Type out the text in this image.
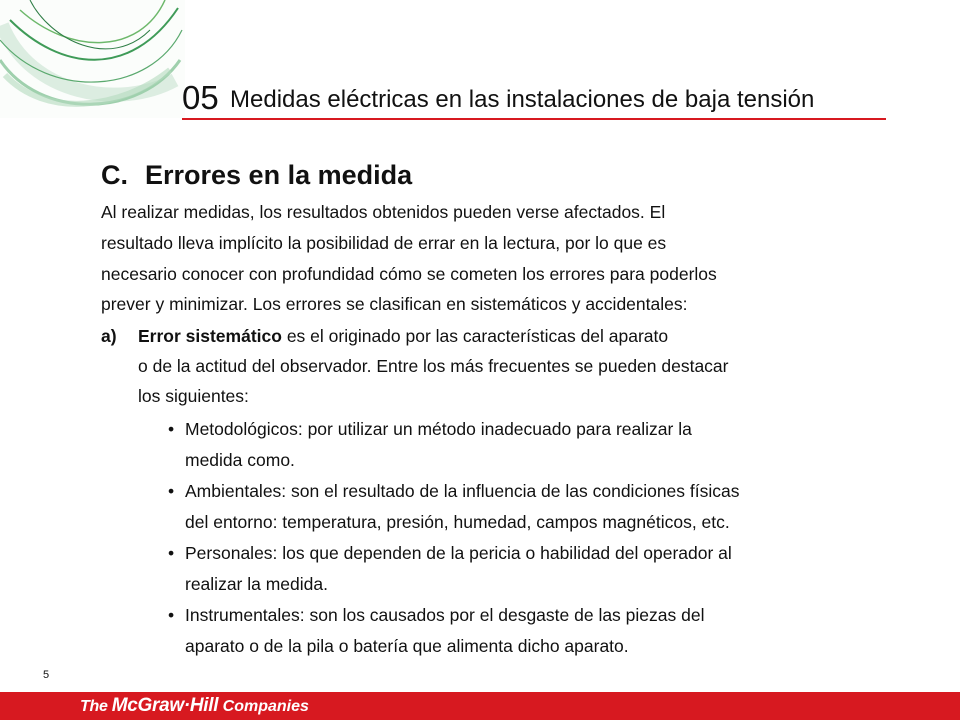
05 Medidas eléctricas en las instalaciones de baja tensión
C. Errores en la medida
Al realizar medidas, los resultados obtenidos pueden verse afectados. El
resultado lleva implícito la posibilidad de errar en la lectura, por lo que es
necesario conocer con profundidad cómo se cometen los errores para poderlos
prever y minimizar. Los errores se clasifican en sistemáticos y accidentales:
a) Error sistemático es el originado por las características del aparato
o de la actitud del observador. Entre los más frecuentes se pueden destacar
los siguientes:
• Metodológicos: por utilizar un método inadecuado para realizar la
medida como.
• Ambientales: son el resultado de la influencia de las condiciones físicas
del entorno: temperatura, presión, humedad, campos magnéticos, etc.
• Personales: los que dependen de la pericia o habilidad del operador al
realizar la medida.
• Instrumentales: son los causados por el desgaste de las piezas del
aparato o de la pila o batería que alimenta dicho aparato.
5
The McGraw·Hill Companies
